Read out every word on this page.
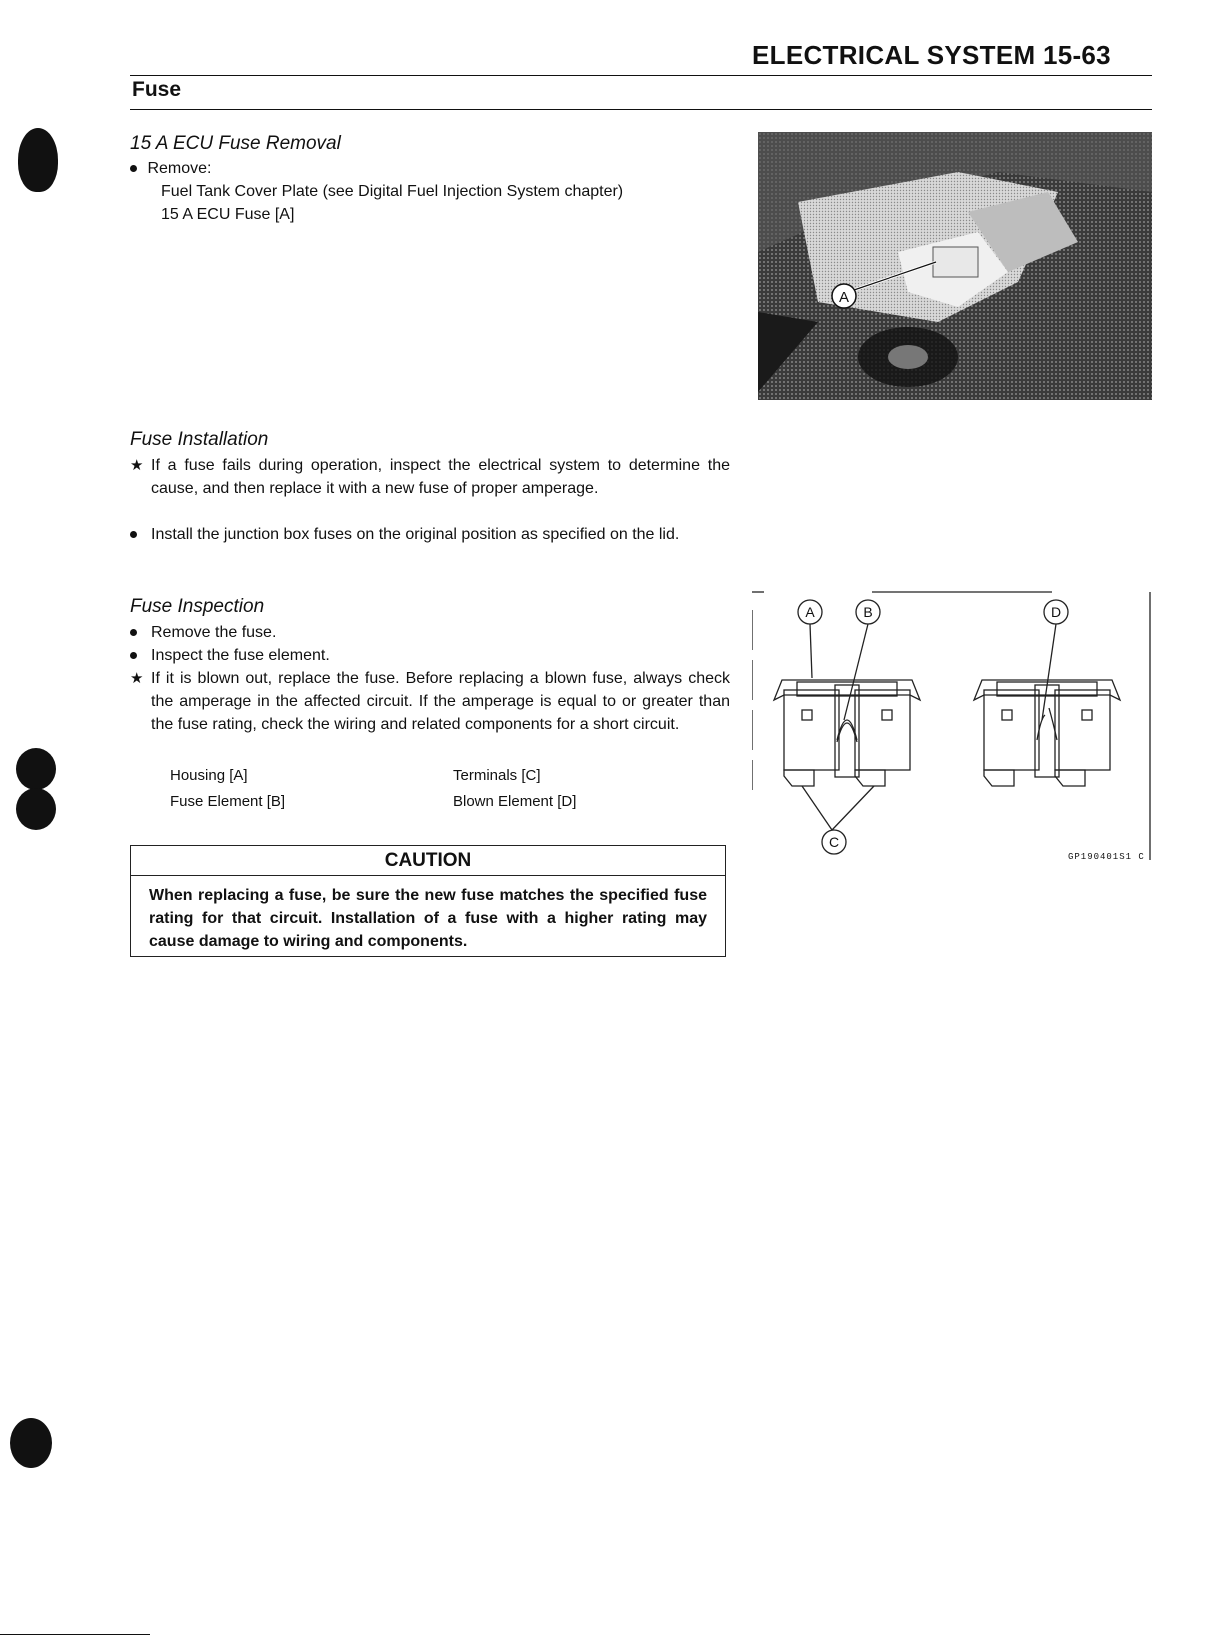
ELECTRICAL SYSTEM 15-63
Fuse
15 A ECU Fuse Removal
Remove:
Fuel Tank Cover Plate (see Digital Fuel Injection System chapter)
15 A ECU Fuse [A]
A
Fuse Installation
★ If a fuse fails during operation, inspect the electrical system to determine the cause, and then replace it with a new fuse of proper amperage.
Install the junction box fuses on the original position as specified on the lid.
Fuse Inspection
Remove the fuse.
Inspect the fuse element.
★ If it is blown out, replace the fuse. Before replacing a blown fuse, always check the amperage in the affected circuit. If the amperage is equal to or greater than the fuse rating, check the wiring and related components for a short circuit.
Housing [A]	Terminals [C]
Fuse Element [B]	Blown Element [D]
CAUTION
When replacing a fuse, be sure the new fuse matches the specified fuse rating for that circuit. Installation of a fuse with a higher rating may cause damage to wiring and components.
A	B
C
D
GP190401S1 C
